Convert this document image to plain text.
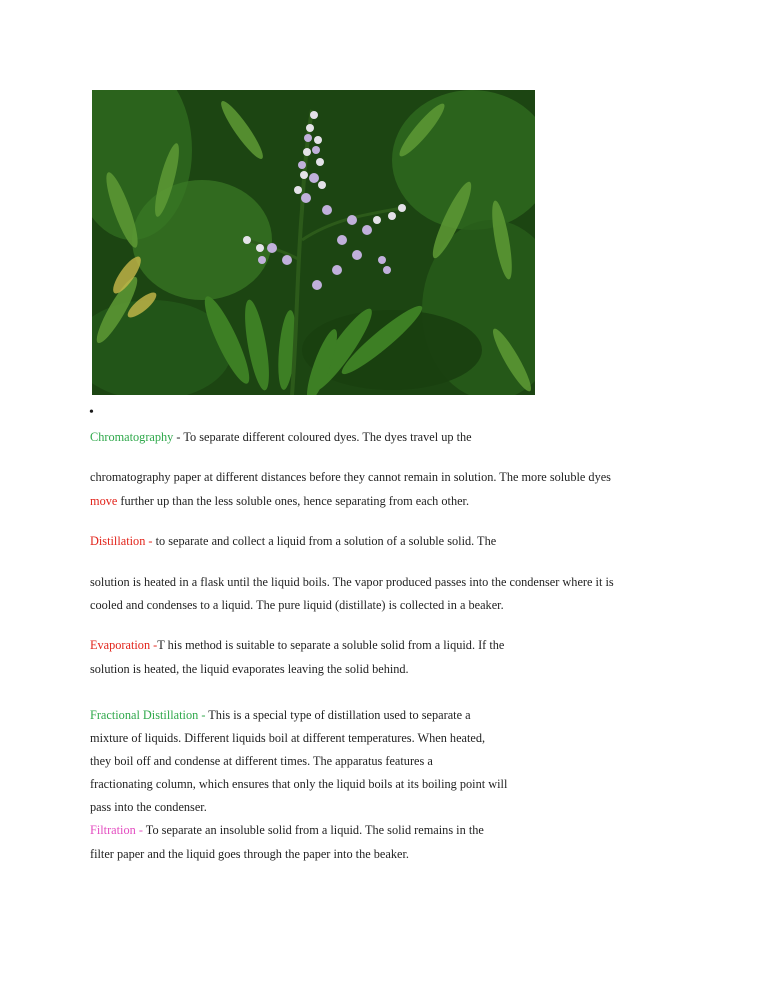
•
Chromatography - To separate different coloured dyes. The dyes travel up the
chromatography paper at different distances before they cannot remain in solution. The more soluble dyes
move further up than the less soluble ones, hence separating from each other.
Distillation - to separate and collect a liquid from a solution of a soluble solid. The
solution is heated in a flask until the liquid boils. The vapor produced passes into the condenser where it is
cooled and condenses to a liquid. The pure liquid (distillate) is collected in a beaker.
Evaporation -T his method is suitable to separate a soluble solid from a liquid. If the
solution is heated, the liquid evaporates leaving the solid behind.
Fractional Distillation - This is a special type of distillation used to separate a
mixture of liquids. Different liquids boil at different temperatures. When heated,
they boil off and condense at different times. The apparatus features a
fractionating column, which ensures that only the liquid boils at its boiling point will
pass into the condenser.
Filtration - To separate an insoluble solid from a liquid. The solid remains in the
filter paper and the liquid goes through the paper into the beaker.
